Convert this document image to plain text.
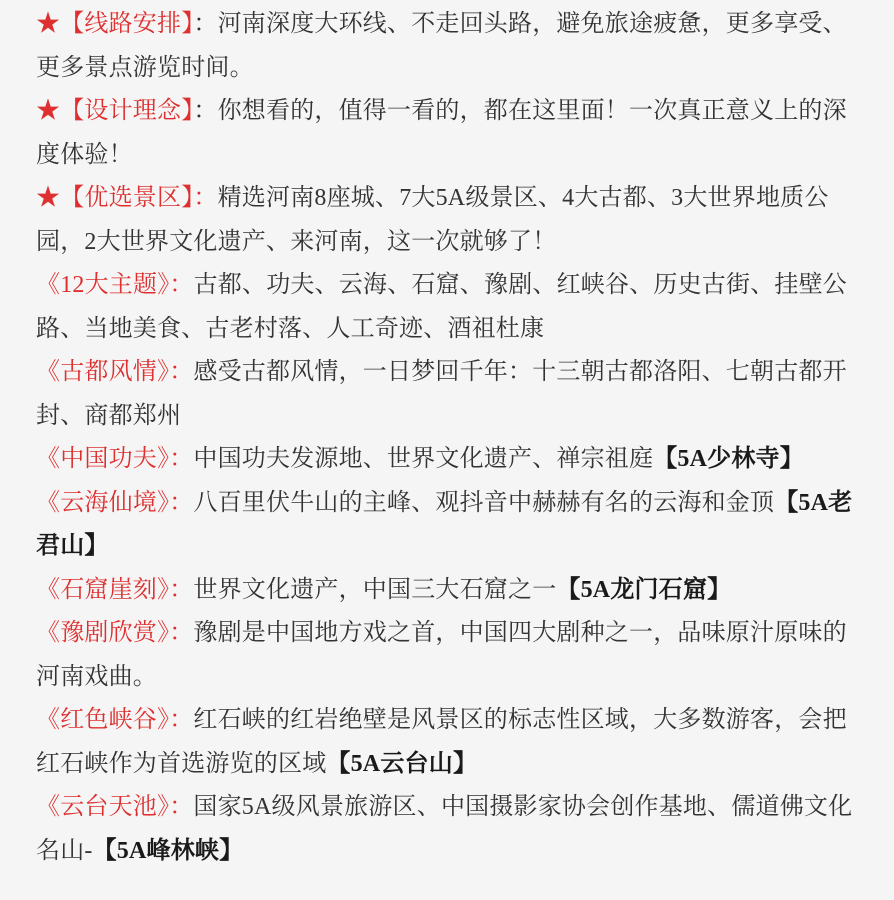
★【线路安排】：河南深度大环线、不走回头路，避免旅途疲惫，更多享受、更多景点游览时间。

★【设计理念】：你想看的，值得一看的，都在这里面！一次真正意义上的深度体验！

★【优选景区】：精选河南8座城、7大5A级景区、4大古都、3大世界地质公园，2大世界文化遗产、来河南，这一次就够了！

《12大主题》：古都、功夫、云海、石窟、豫剧、红峡谷、历史古街、挂壁公路、当地美食、古老村落、人工奇迹、酒祖杜康

《古都风情》：感受古都风情，一日梦回千年：十三朝古都洛阳、七朝古都开封、商都郑州

《中国功夫》：中国功夫发源地、世界文化遗产、禅宗祖庭【5A少林寺】

《云海仙境》：八百里伏牛山的主峰、观抖音中赫赫有名的云海和金顶【5A老君山】

《石窟崖刻》：世界文化遗产，中国三大石窟之一【5A龙门石窟】

《豫剧欣赏》：豫剧是中国地方戏之首，中国四大剧种之一，品味原汁原味的河南戏曲。

《红色峡谷》：红石峡的红岩绝壁是风景区的标志性区域，大多数游客，会把红石峡作为首选游览的区域【5A云台山】

《云台天池》：国家5A级风景旅游区、中国摄影家协会创作基地、儒道佛文化名山-【5A峰林峡】
